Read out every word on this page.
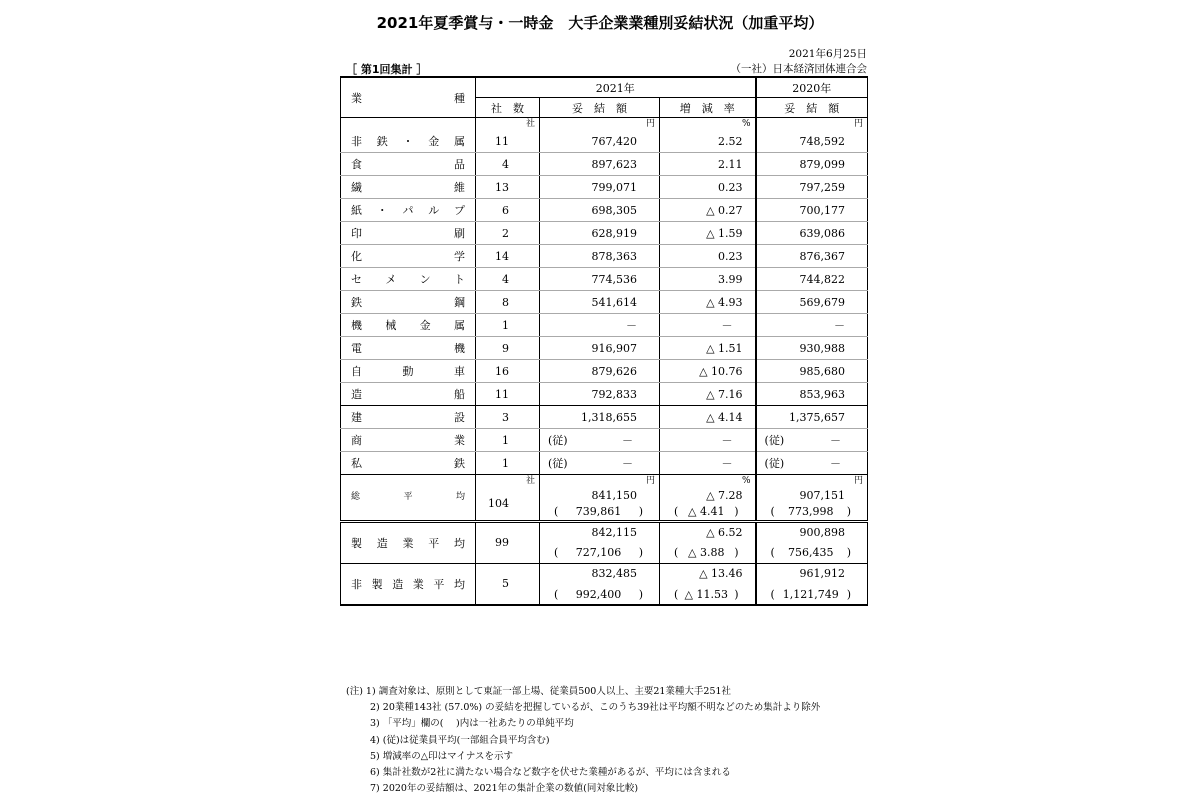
2021年夏季賞与・一時金　大手企業業種別妥結状況（加重平均）
2021年6月25日
［ 第1回集計 ］	（一社）日本経済団体連合会
業　　種	2021年			2020年
	社　数	妥　結　額	増　減　率	妥　結　額
	社	円	%	円
非鉄・金属	11	767,420	2.52	748,592
食品	4	897,623	2.11	879,099
繊維	13	799,071	0.23	797,259
紙・パルプ	6	698,305	△ 0.27	700,177
印刷	2	628,919	△ 1.59	639,086
化学	14	878,363	0.23	876,367
セメント	4	774,536	3.99	744,822
鉄鋼	8	541,614	△ 4.93	569,679
機械金属	1	－	－	－
電機	9	916,907	△ 1.51	930,988
自動車	16	879,626	△ 10.76	985,680
造船	11	792,833	△ 7.16	853,963
建設	3	1,318,655	△ 4.14	1,375,657
商業	1	(従) －	－	(従) －

私鉄	1	(従) －	－	(従) －

総　平　均	社	円	%	円
	104	841,150	△ 7.28	907,151

		( 739,861 )	( △ 4.41 )	( 773,998 )

製造業平均	99	842,115	△ 6.52	900,898

		( 727,106 )	( △ 3.88 )	( 756,435 )

非製造業平均	5	832,485	△ 13.46	961,912

		( 992,400 )	( △ 11.53 )	( 1,121,749 )
(注) 1) 調査対象は、原則として東証一部上場、従業員500人以上、主要21業種大手251社
2) 20業種143社 (57.0%) の妥結を把握しているが、このうち39社は平均額不明などのため集計より除外
3) 「平均」欄の(　 )内は一社あたりの単純平均
4) (従)は従業員平均(一部組合員平均含む)
5) 増減率の△印はマイナスを示す
6) 集計社数が2社に満たない場合など数字を伏せた業種があるが、平均には含まれる
7) 2020年の妥結額は、2021年の集計企業の数値(同対象比較)
